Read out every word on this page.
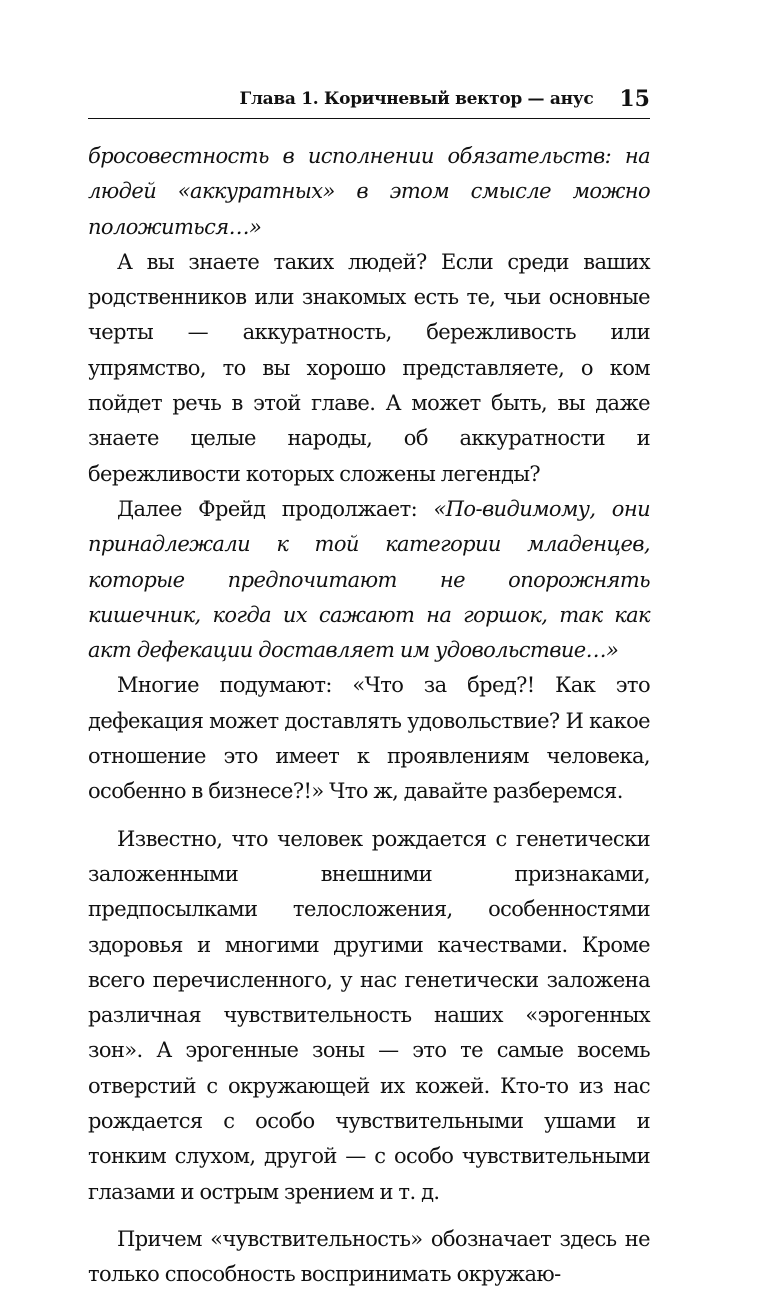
Глава 1. Коричневый вектор — анус 15

бросовестность в исполнении обязательств: на людей «аккуратных» в этом смысле можно положиться…»

А вы знаете таких людей? Если среди ваших родственников или знакомых есть те, чьи основные черты — аккуратность, бережливость или упрямство, то вы хорошо представляете, о ком пойдет речь в этой главе. А может быть, вы даже знаете целые народы, об аккуратности и бережливости которых сложены легенды?

Далее Фрейд продолжает: «По-видимому, они принадлежали к той категории младенцев, которые предпочитают не опорожнять кишечник, когда их сажают на горшок, так как акт дефекации доставляет им удовольствие…»

Многие подумают: «Что за бред?! Как это дефекация может доставлять удовольствие? И какое отношение это имеет к проявлениям человека, особенно в бизнесе?!» Что ж, давайте разберемся.

Известно, что человек рождается с генетически заложенными внешними признаками, предпосылками телосложения, особенностями здоровья и многими другими качествами. Кроме всего перечисленного, у нас генетически заложена различная чувствительность наших «эрогенных зон». А эрогенные зоны — это те самые восемь отверстий с окружающей их кожей. Кто-то из нас рождается с особо чувствительными ушами и тонким слухом, другой — с особо чувствительными глазами и острым зрением и т. д.

Причем «чувствительность» обозначает здесь не только способность воспринимать окружаю-
